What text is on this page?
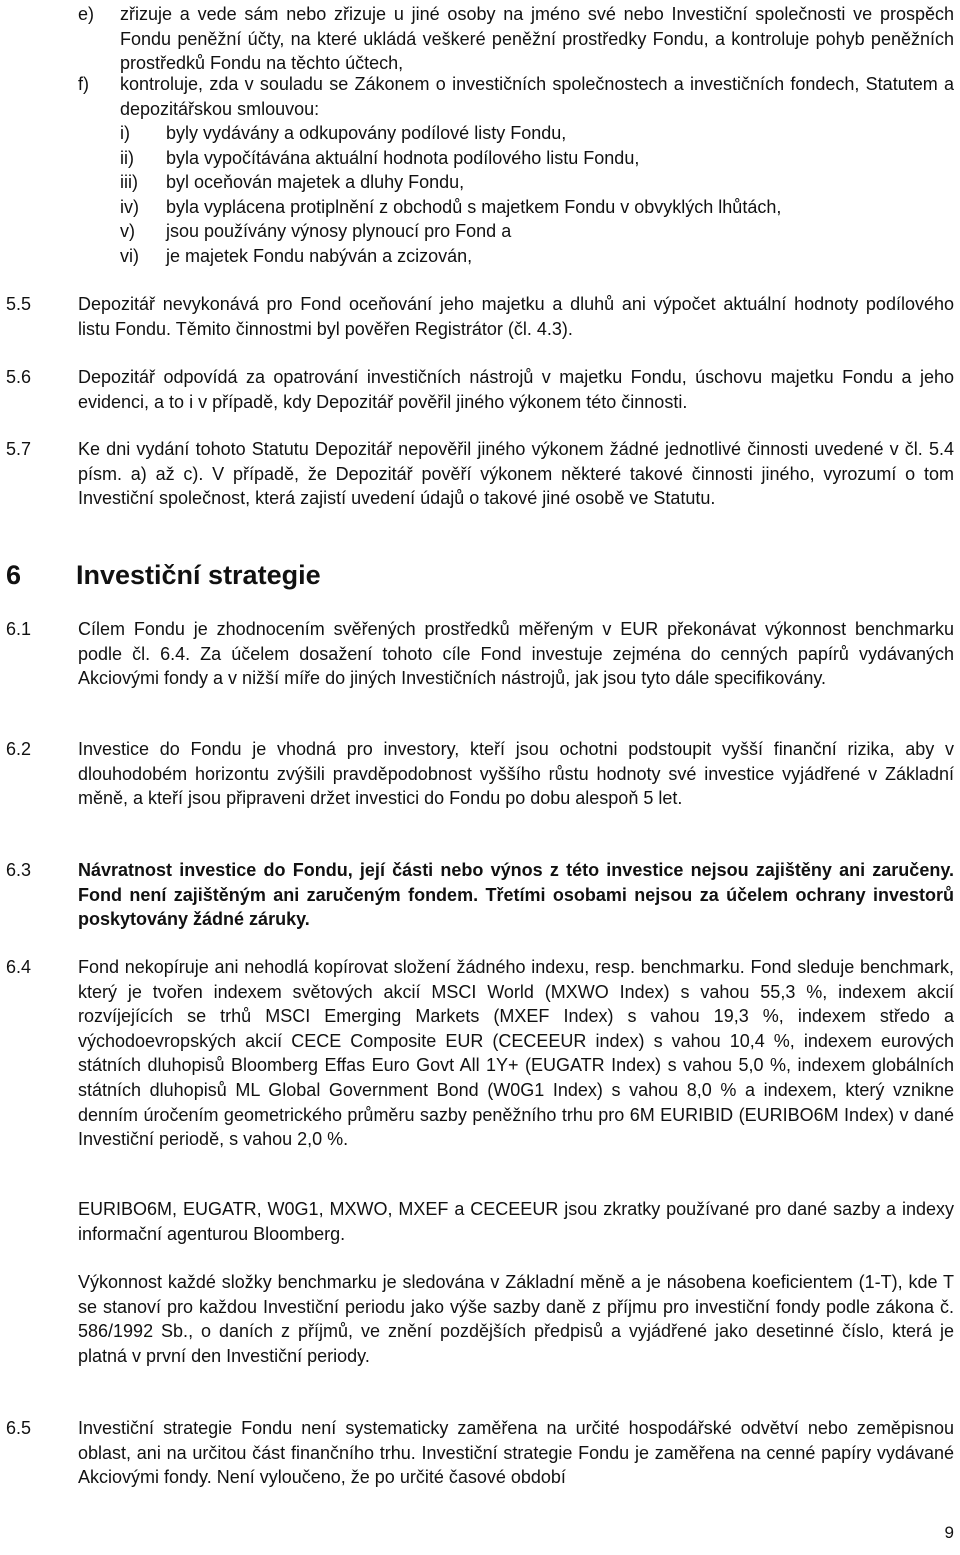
e) zřizuje a vede sám nebo zřizuje u jiné osoby na jméno své nebo Investiční společnosti ve prospěch Fondu peněžní účty, na které ukládá veškeré peněžní prostředky Fondu, a kontroluje pohyb peněžních prostředků Fondu na těchto účtech,
f) kontroluje, zda v souladu se Zákonem o investičních společnostech a investičních fondech, Statutem a depozitářskou smlouvou:
i) byly vydávány a odkupovány podílové listy Fondu,
ii) byla vypočítávána aktuální hodnota podílového listu Fondu,
iii) byl oceňován majetek a dluhy Fondu,
iv) byla vyplácena protiplnění z obchodů s majetkem Fondu v obvyklých lhůtách,
v) jsou používány výnosy plynoucí pro Fond a
vi) je majetek Fondu nabýván a zcizován,
5.5	Depozitář nevykonává pro Fond oceňování jeho majetku a dluhů ani výpočet aktuální hodnoty podílového listu Fondu. Těmito činnostmi byl pověřen Registrátor (čl. 4.3).
5.6	Depozitář odpovídá za opatrování investičních nástrojů v majetku Fondu, úschovu majetku Fondu a jeho evidenci, a to i v případě, kdy Depozitář pověřil jiného výkonem této činnosti.
5.7	Ke dni vydání tohoto Statutu Depozitář nepověřil jiného výkonem žádné jednotlivé činnosti uvedené v čl. 5.4 písm. a) až c). V případě, že Depozitář pověří výkonem některé takové činnosti jiného, vyrozumí o tom Investiční společnost, která zajistí uvedení údajů o takové jiné osobě ve Statutu.
6 Investiční strategie
6.1	Cílem Fondu je zhodnocením svěřených prostředků měřeným v EUR překonávat výkonnost benchmarku podle čl. 6.4. Za účelem dosažení tohoto cíle Fond investuje zejména do cenných papírů vydávaných Akciovými fondy a v nižší míře do jiných Investičních nástrojů, jak jsou tyto dále specifikovány.
6.2	Investice do Fondu je vhodná pro investory, kteří jsou ochotni podstoupit vyšší finanční rizika, aby v dlouhodobém horizontu zvýšili pravděpodobnost vyššího růstu hodnoty své investice vyjádřené v Základní měně, a kteří jsou připraveni držet investici do Fondu po dobu alespoň 5 let.
6.3	Návratnost investice do Fondu, její části nebo výnos z této investice nejsou zajištěny ani zaručeny. Fond není zajištěným ani zaručeným fondem. Třetími osobami nejsou za účelem ochrany investorů poskytovány žádné záruky.
6.4	Fond nekopíruje ani nehodlá kopírovat složení žádného indexu, resp. benchmarku. Fond sleduje benchmark, který je tvořen indexem světových akcií MSCI World (MXWO Index) s vahou 55,3 %, indexem akcií rozvíjejících se trhů MSCI Emerging Markets (MXEF Index) s vahou 19,3 %, indexem středo a východoevropských akcií CECE Composite EUR (CECEEUR index) s vahou 10,4 %, indexem eurových státních dluhopisů Bloomberg Effas Euro Govt All 1Y+ (EUGATR Index) s vahou 5,0 %, indexem globálních státních dluhopisů ML Global Government Bond (W0G1 Index) s vahou 8,0 % a indexem, který vznikne denním úročením geometrického průměru sazby peněžního trhu pro 6M EURIBID (EURIBO6M Index) v dané Investiční periodě, s vahou 2,0 %.
EURIBO6M, EUGATR, W0G1, MXWO, MXEF a CECEEUR jsou zkratky používané pro dané sazby a indexy informační agenturou Bloomberg.
Výkonnost každé složky benchmarku je sledována v Základní měně a je násobena koeficientem (1-T), kde T se stanoví pro každou Investiční periodu jako výše sazby daně z příjmu pro investiční fondy podle zákona č. 586/1992 Sb., o daních z příjmů, ve znění pozdějších předpisů a vyjádřené jako desetinné číslo, která je platná v první den Investiční periody.
6.5	Investiční strategie Fondu není systematicky zaměřena na určité hospodářské odvětví nebo zeměpisnou oblast, ani na určitou část finančního trhu. Investiční strategie Fondu je zaměřena na cenné papíry vydávané Akciovými fondy. Není vyloučeno, že po určité časové období
9
